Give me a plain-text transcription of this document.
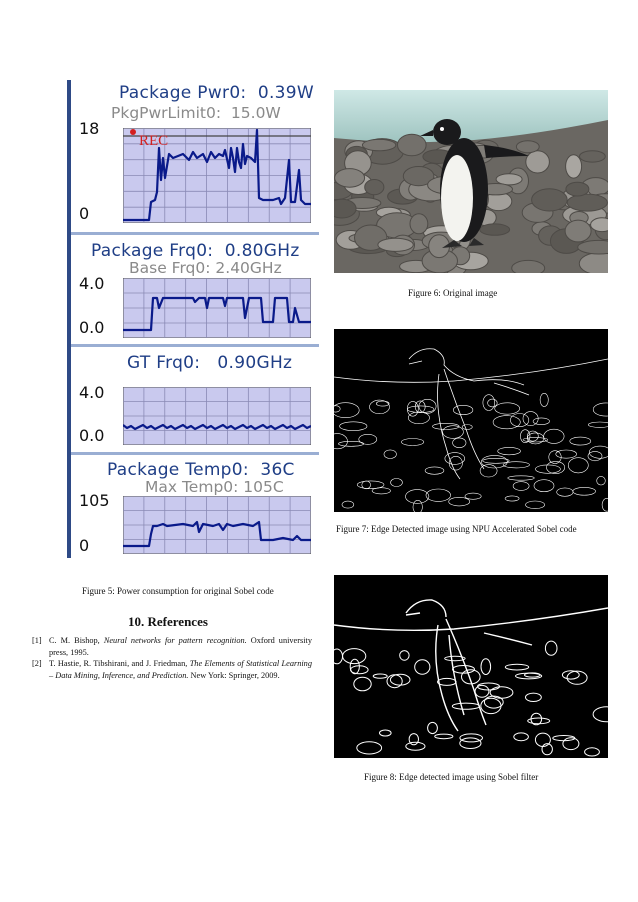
Package Pwr0:  0.39W
PkgPwrLimit0:  15.0W
18
0
REC
Package Frq0:  0.80GHz
Base Frq0: 2.40GHz
4.0
0.0
GT Frq0:   0.90GHz
4.0
0.0
Package Temp0:  36C
Max Temp0: 105C
105
0
Figure 5: Power consumption for original Sobel code
10. References
[1] C. M. Bishop, Neural networks for pattern recognition. Oxford university press, 1995.
[2] T. Hastie, R. Tibshirani, and J. Friedman, The Elements of Statistical Learning – Data Mining, Inference, and Prediction. New York: Springer, 2009.
Figure 6: Original image
Figure 7: Edge Detected image using NPU Accelerated Sobel code
Figure 8: Edge detected image using Sobel filter
